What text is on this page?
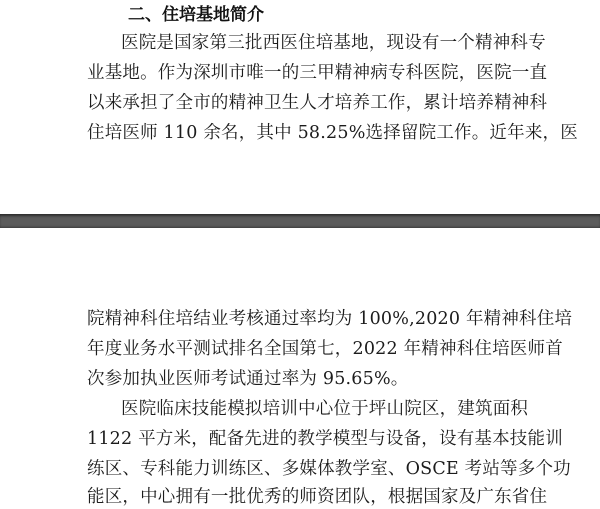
二、住培基地简介

医院是国家第三批西医住培基地，现设有一个精神科专

业基地。作为深圳市唯一的三甲精神病专科医院，医院一直

以来承担了全市的精神卫生人才培养工作，累计培养精神科

住培医师 110 余名，其中 58.25%选择留院工作。近年来，医

院精神科住培结业考核通过率均为 100%,2020 年精神科住培

年度业务水平测试排名全国第七，2022 年精神科住培医师首

次参加执业医师考试通过率为 95.65%。

医院临床技能模拟培训中心位于坪山院区，建筑面积

1122 平方米，配备先进的教学模型与设备，设有基本技能训

练区、专科能力训练区、多媒体教学室、OSCE 考站等多个功

能区，中心拥有一批优秀的师资团队，根据国家及广东省住
